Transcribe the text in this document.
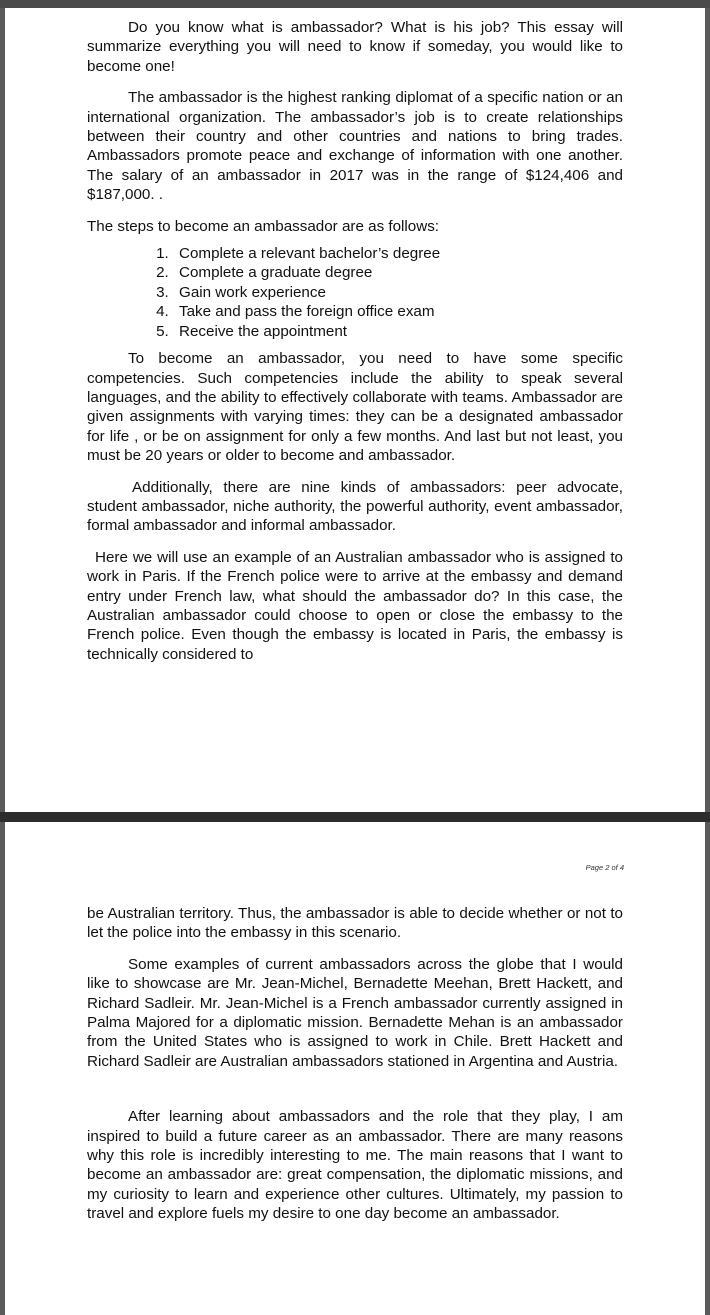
Do you know what is ambassador? What is his job? This essay will summarize everything you will need to know if someday, you would like to become one!

The ambassador is the highest ranking diplomat of a specific nation or an international organization. The ambassador’s job is to create relationships between their country and other countries and nations to bring trades. Ambassadors promote peace and exchange of information with one another. The salary of an ambassador in 2017 was in the range of $124,406 and $187,000. .

The steps to become an ambassador are as follows:

1. Complete a relevant bachelor’s degree
2. Complete a graduate degree
3. Gain work experience
4. Take and pass the foreign office exam
5. Receive the appointment

To become an ambassador, you need to have some specific competencies. Such competencies include the ability to speak several languages, and the ability to effectively collaborate with teams. Ambassador are given assignments with varying times: they can be a designated ambassador for life , or be on assignment for only a few months. And last but not least, you must be 20 years or older to become and ambassador.

Additionally, there are nine kinds of ambassadors: peer advocate, student ambassador, niche authority, the powerful authority, event ambassador, formal ambassador and informal ambassador.

Here we will use an example of an Australian ambassador who is assigned to work in Paris. If the French police were to arrive at the embassy and demand entry under French law, what should the ambassador do? In this case, the Australian ambassador could choose to open or close the embassy to the French police. Even though the embassy is located in Paris, the embassy is technically considered to

Page 2 of 4

be Australian territory. Thus, the ambassador is able to decide whether or not to let the police into the embassy in this scenario.

Some examples of current ambassadors across the globe that I would like to showcase are Mr. Jean-Michel, Bernadette Meehan, Brett Hackett, and Richard Sadleir. Mr. Jean-Michel is a French ambassador currently assigned in Palma Majored for a diplomatic mission. Bernadette Mehan is an ambassador from the United States who is assigned to work in Chile. Brett Hackett and Richard Sadleir are Australian ambassadors stationed in Argentina and Austria.

After learning about ambassadors and the role that they play, I am inspired to build a future career as an ambassador. There are many reasons why this role is incredibly interesting to me. The main reasons that I want to become an ambassador are: great compensation, the diplomatic missions, and my curiosity to learn and experience other cultures. Ultimately, my passion to travel and explore fuels my desire to one day become an ambassador.
